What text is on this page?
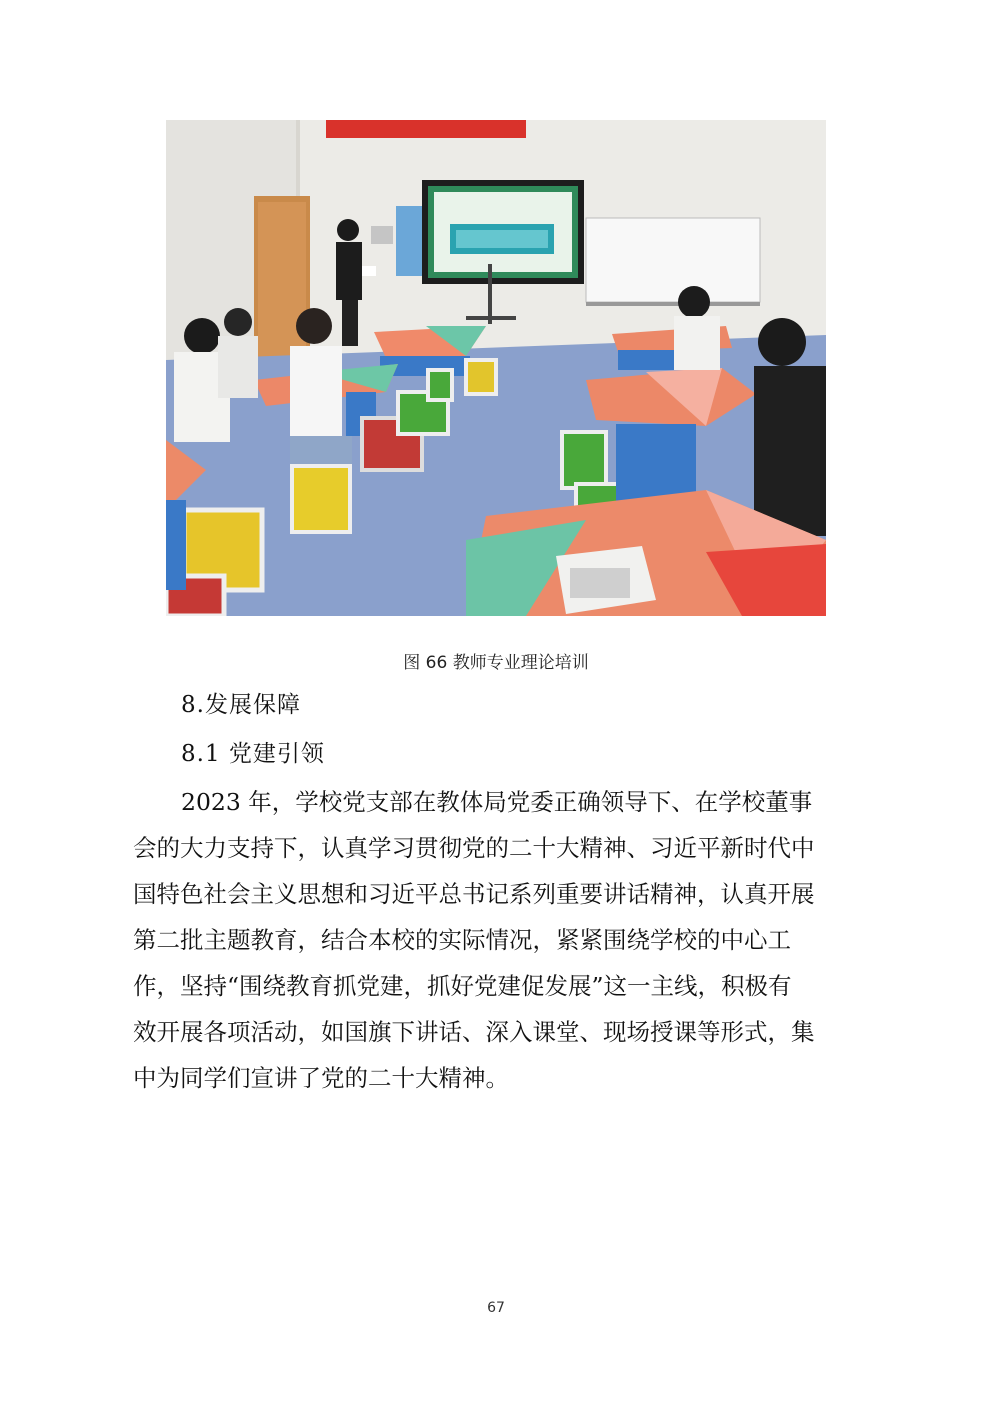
图 66 教师专业理论培训
8.发展保障
8.1 党建引领
2023 年，学校党支部在教体局党委正确领导下、在学校董事
会的大力支持下，认真学习贯彻党的二十大精神、习近平新时代中
国特色社会主义思想和习近平总书记系列重要讲话精神，认真开展
第二批主题教育，结合本校的实际情况，紧紧围绕学校的中心工
作，坚持“围绕教育抓党建，抓好党建促发展”这一主线，积极有
效开展各项活动，如国旗下讲话、深入课堂、现场授课等形式，集
中为同学们宣讲了党的二十大精神。
67
